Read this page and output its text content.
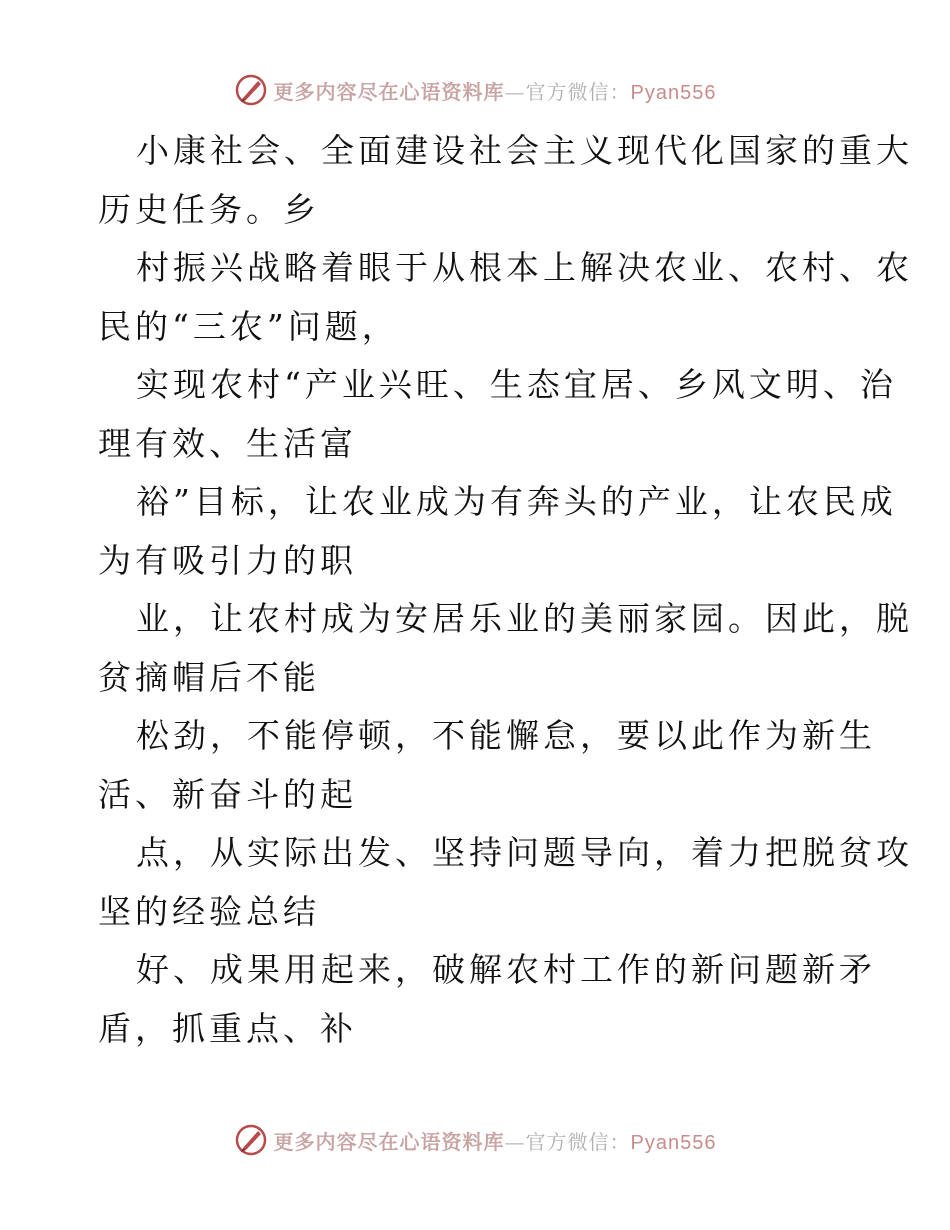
更多内容尽在心语资料库—官方微信：Pyan556
小康社会、全面建设社会主义现代化国家的重大
历史任务。乡
村振兴战略着眼于从根本上解决农业、农村、农
民的“三农”问题，
实现农村“产业兴旺、生态宜居、乡风文明、治
理有效、生活富
裕”目标，让农业成为有奔头的产业，让农民成
为有吸引力的职
业，让农村成为安居乐业的美丽家园。因此，脱
贫摘帽后不能
松劲，不能停顿，不能懈怠，要以此作为新生
活、新奋斗的起
点，从实际出发、坚持问题导向，着力把脱贫攻
坚的经验总结
好、成果用起来，破解农村工作的新问题新矛
盾，抓重点、补
更多内容尽在心语资料库—官方微信：Pyan556
